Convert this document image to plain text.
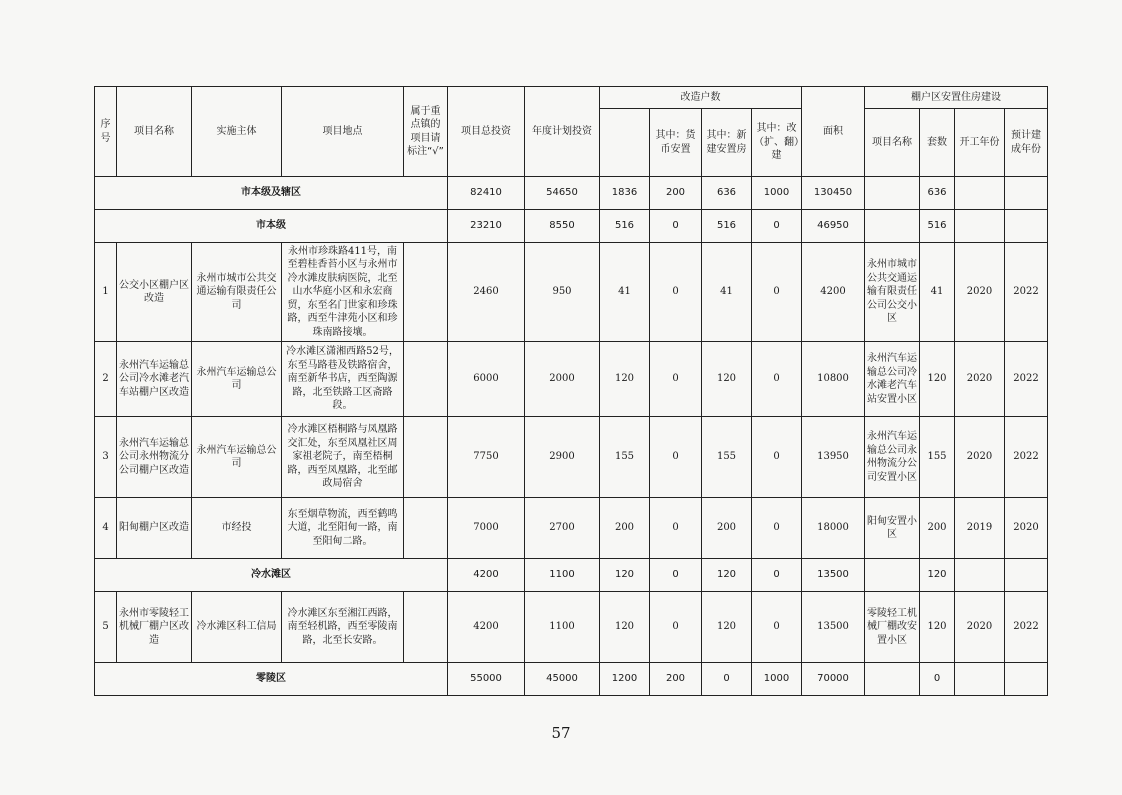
序号	项目名称	实施主体	项目地点	属于重点镇的项目请标注“√”	项目总投资	年度计划投资	改造户数				面积	棚户区安置住房建设			
								其中：货币安置	其中：新建安置房	其中：改（扩、翻）建		项目名称	套数	开工年份	预计建成年份
市本级及辖区					82410	54650	1836	200	636	1000	130450		636		
市本级					23210	8550	516	0	516	0	46950		516		
1	公交小区棚户区改造	永州市城市公共交通运输有限责任公司	永州市珍珠路411号，南至碧桂香苔小区与永州市冷水滩皮肤病医院，北至山水华庭小区和永宏商贸，东至名门世家和珍珠路，西至牛津苑小区和珍珠南路接壤。		2460	950	41	0	41	0	4200	永州市城市公共交通运输有限责任公司公交小区	41	2020	2022
2	永州汽车运输总公司冷水滩老汽车站棚户区改造	永州汽车运输总公司	冷水滩区潇湘西路52号，东至马路巷及铁路宿舍，南至新华书店，西至陶源路，北至铁路工区斋路段。		6000	2000	120	0	120	0	10800	永州汽车运输总公司冷水滩老汽车站安置小区	120	2020	2022
3	永州汽车运输总公司永州物流分公司棚户区改造	永州汽车运输总公司	冷水滩区梧桐路与凤凰路交汇处，东至凤凰社区周家祖老院子，南至梧桐路，西至凤凰路，北至邮政局宿舍		7750	2900	155	0	155	0	13950	永州汽车运输总公司永州物流分公司安置小区	155	2020	2022
4	阳甸棚户区改造	市经投	东至烟草物流，西至鹤鸣大道，北至阳甸一路，南至阳甸二路。		7000	2700	200	0	200	0	18000	阳甸安置小区	200	2019	2020
冷水滩区					4200	1100	120	0	120	0	13500		120		
5	永州市零陵轻工机械厂棚户区改造	冷水滩区科工信局	冷水滩区东至湘江西路，南至轻机路，西至零陵南路，北至长安路。		4200	1100	120	0	120	0	13500	零陵轻工机械厂棚改安置小区	120	2020	2022
零陵区					55000	45000	1200	200	0	1000	70000		0		
57
